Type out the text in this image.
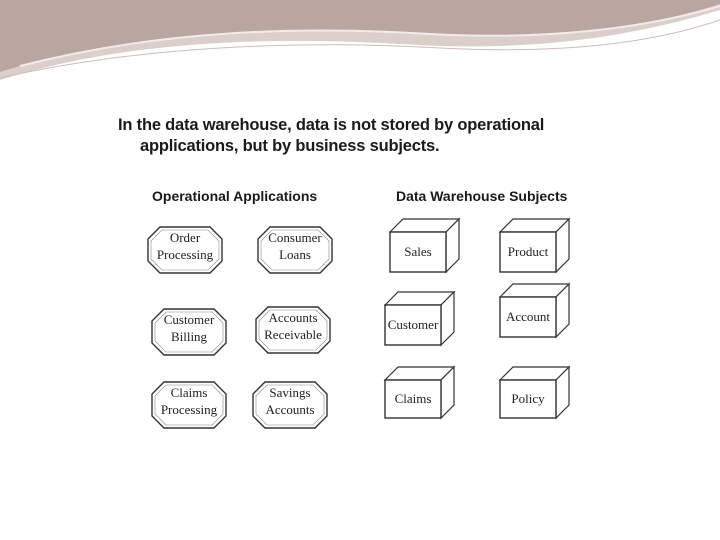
Order
Processing
Consumer
Loans
Customer
Billing
Accounts
Receivable
Claims
Processing
Savings
Accounts
Sales	Product
Customer
Account
Claims	Policy
In the data warehouse, data is not stored by operational
applications, but by business subjects.
Operational Applications	Data Warehouse Subjects
